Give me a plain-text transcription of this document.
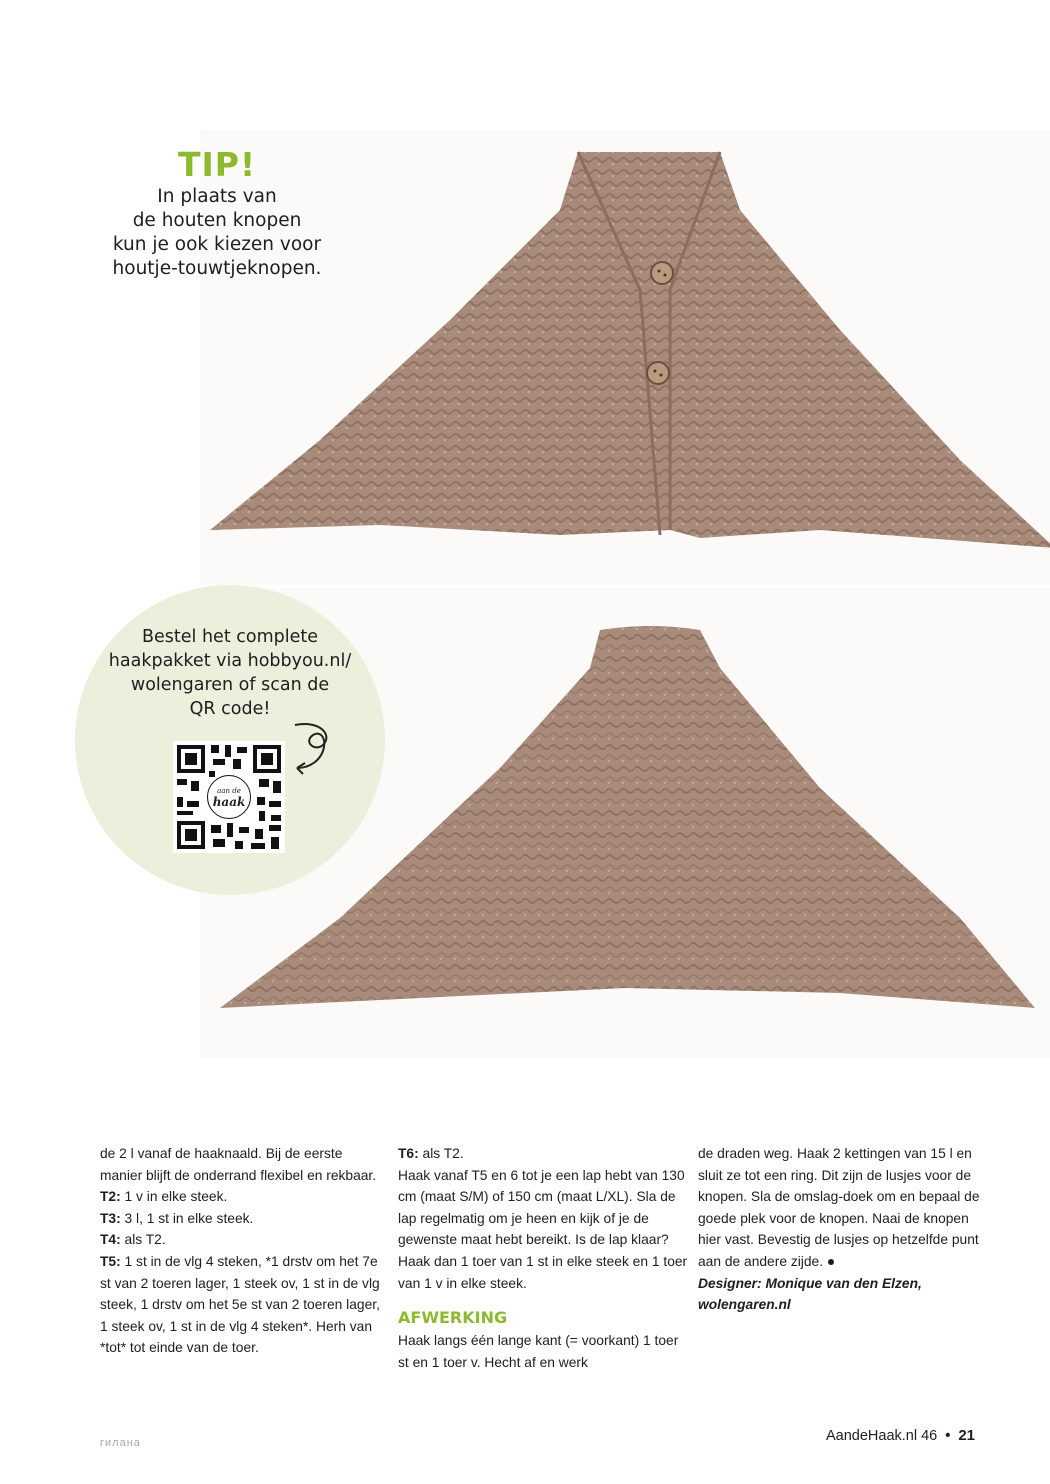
TIP!
In plaats van
de houten knopen
kun je ook kiezen voor
houtje-touwtjeknopen.
Bestel het complete
haakpakket via hobbyou.nl/
wolengaren of scan de
QR code!
aan de
haak

de 2 l vanaf de haaknaald. Bij de eerste manier blijft de onderrand flexibel en rekbaar.

T2: 1 v in elke steek.

T3: 3 l, 1 st in elke steek.

T4: als T2.

T5: 1 st in de vlg 4 steken, *1 drstv om het 7e st van 2 toeren lager, 1 steek ov, 1 st in de vlg steek, 1 drstv om het 5e st van 2 toeren lager, 1 steek ov, 1 st in de vlg 4 steken*. Herh van *tot* tot einde van de toer.

T6: als T2.

Haak vanaf T5 en 6 tot je een lap hebt van 130 cm (maat S/M) of 150 cm (maat L/XL). Sla de lap regelmatig om je heen en kijk of je de gewenste maat hebt bereikt. Is de lap klaar? Haak dan 1 toer van 1 st in elke steek en 1 toer van 1 v in elke steek.

AFWERKING

Haak langs één lange kant (= voorkant) 1 toer st en 1 toer v. Hecht af en werk

de draden weg. Haak 2 kettingen van 15 l en sluit ze tot een ring. Dit zijn de lusjes voor de knopen. Sla de omslag-doek om en bepaal de goede plek voor de knopen. Naai de knopen hier vast. Bevestig de lusjes op hetzelfde punt aan de andere zijde.

Designer: Monique van den Elzen,
wolengaren.nl

гилана	AandeHaak.nl 46 • 21
